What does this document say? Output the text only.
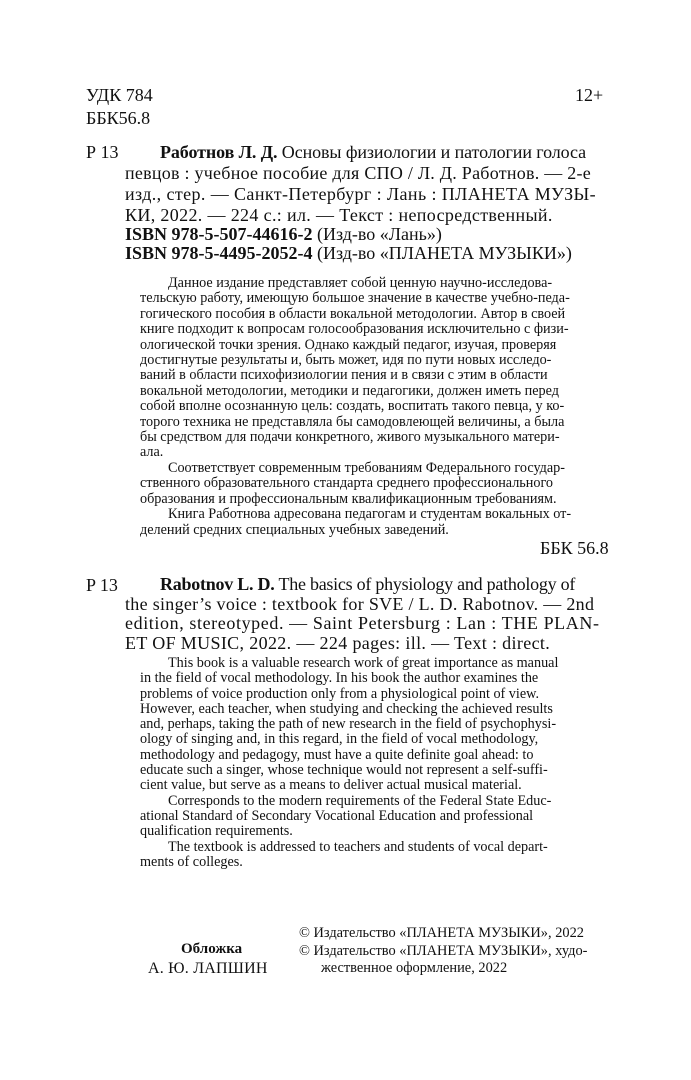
УДК 784
ББК56.8
12+
Р 13 Работнов Л. Д. Основы физиологии и патологии голоса
певцов : учебное пособие для СПО / Л. Д. Работнов. — 2-е
изд., стер. — Санкт-Петербург : Лань : ПЛАНЕТА МУЗЫ-
КИ, 2022. — 224 с.: ил. — Текст : непосредственный.
ISBN 978-5-507-44616-2 (Изд-во «Лань»)
ISBN 978-5-4495-2052-4 (Изд-во «ПЛАНЕТА МУЗЫКИ»)
Данное издание представляет собой ценную научно-исследова-
тельскую работу, имеющую большое значение в качестве учебно-педа-
гогического пособия в области вокальной методологии. Автор в своей
книге подходит к вопросам голосообразования исключительно с физи-
ологической точки зрения. Однако каждый педагог, изучая, проверяя
достигнутые результаты и, быть может, идя по пути новых исследо-
ваний в области психофизиологии пения и в связи с этим в области
вокальной методологии, методики и педагогики, должен иметь перед
собой вполне осознанную цель: создать, воспитать такого певца, у ко-
торого техника не представляла бы самодовлеющей величины, а была
бы средством для подачи конкретного, живого музыкального матери-
ала.
Соответствует современным требованиям Федерального государ-
ственного образовательного стандарта среднего профессионального
образования и профессиональным квалификационным требованиям.
Книга Работнова адресована педагогам и студентам вокальных от-
делений средних специальных учебных заведений.
ББК 56.8
P 13 Rabotnov L. D. The basics of physiology and pathology of
the singer’s voice : textbook for SVE / L. D. Rabotnov. — 2nd
edition, stereotyped. — Saint Petersburg : Lan : THE PLAN-
ET OF MUSIC, 2022. — 224 pages: ill. — Text : direct.
This book is a valuable research work of great importance as manual
in the field of vocal methodology. In his book the author examines the
problems of voice production only from a physiological point of view.
However, each teacher, when studying and checking the achieved results
and, perhaps, taking the path of new research in the field of psychophysi-
ology of singing and, in this regard, in the field of vocal methodology,
methodology and pedagogy, must have a quite definite goal ahead: to
educate such a singer, whose technique would not represent a self-suffi-
cient value, but serve as a means to deliver actual musical material.
Corresponds to the modern requirements of the Federal State Educ-
ational Standard of Secondary Vocational Education and professional
qualification requirements.
The textbook is addressed to teachers and students of vocal depart-
ments of colleges.
Обложка
А. Ю. ЛАПШИН
© Издательство «ПЛАНЕТА МУЗЫКИ», 2022
© Издательство «ПЛАНЕТА МУЗЫКИ», худо-
жественное оформление, 2022
